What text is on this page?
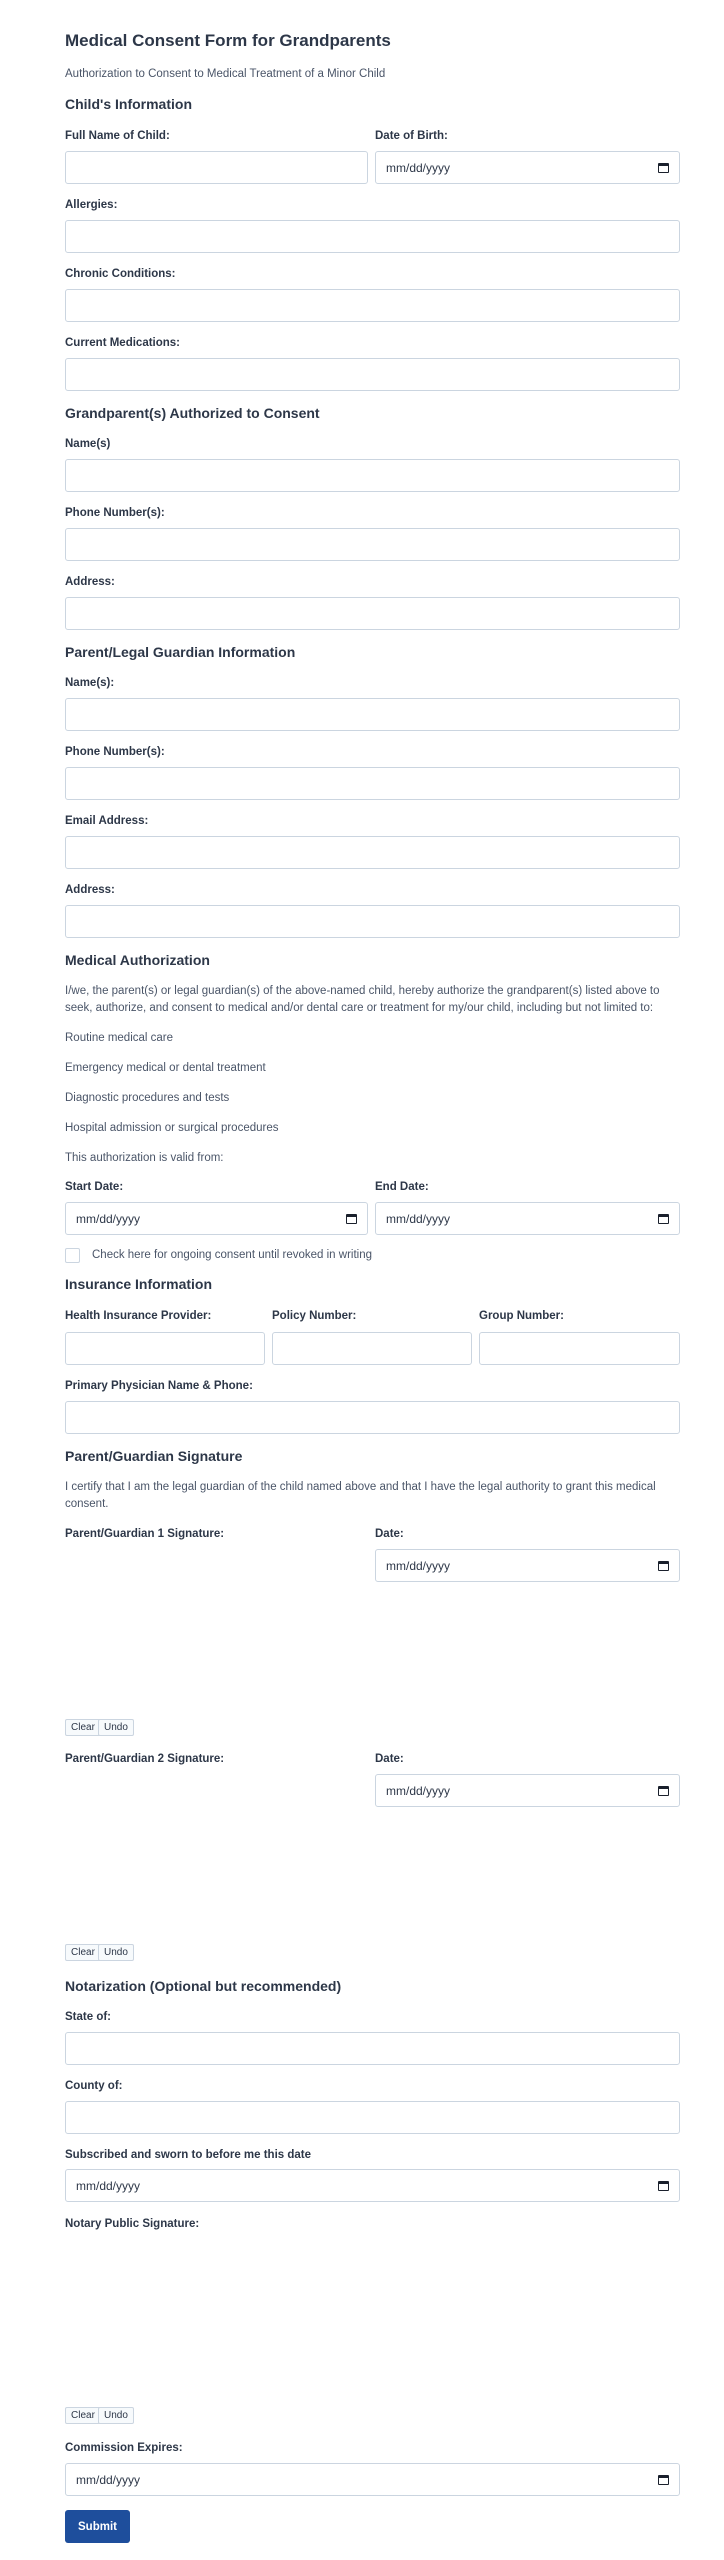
Medical Consent Form for Grandparents
Authorization to Consent to Medical Treatment of a Minor Child
Child's Information
Full Name of Child:	Date of Birth:
mm/dd/yyyy
Allergies:
Chronic Conditions:
Current Medications:
Grandparent(s) Authorized to Consent
Name(s)
Phone Number(s):
Address:
Parent/Legal Guardian Information
Name(s):
Phone Number(s):
Email Address:
Address:
Medical Authorization
I/we, the parent(s) or legal guardian(s) of the above-named child, hereby authorize the grandparent(s) listed above to seek, authorize, and consent to medical and/or dental care or treatment for my/our child, including but not limited to:
Routine medical care
Emergency medical or dental treatment
Diagnostic procedures and tests
Hospital admission or surgical procedures
This authorization is valid from:
Start Date:	End Date:
mm/dd/yyyy	mm/dd/yyyy
Check here for ongoing consent until revoked in writing
Insurance Information
Health Insurance Provider:	Policy Number:	Group Number:
Primary Physician Name & Phone:
Parent/Guardian Signature
I certify that I am the legal guardian of the child named above and that I have the legal authority to grant this medical consent.
Parent/Guardian 1 Signature:	Date:
mm/dd/yyyy
Clear Undo
Parent/Guardian 2 Signature:	Date:
mm/dd/yyyy
Clear Undo
Notarization (Optional but recommended)
State of:
County of:
Subscribed and sworn to before me this date
mm/dd/yyyy
Notary Public Signature:
Clear Undo
Commission Expires:
mm/dd/yyyy
Submit
